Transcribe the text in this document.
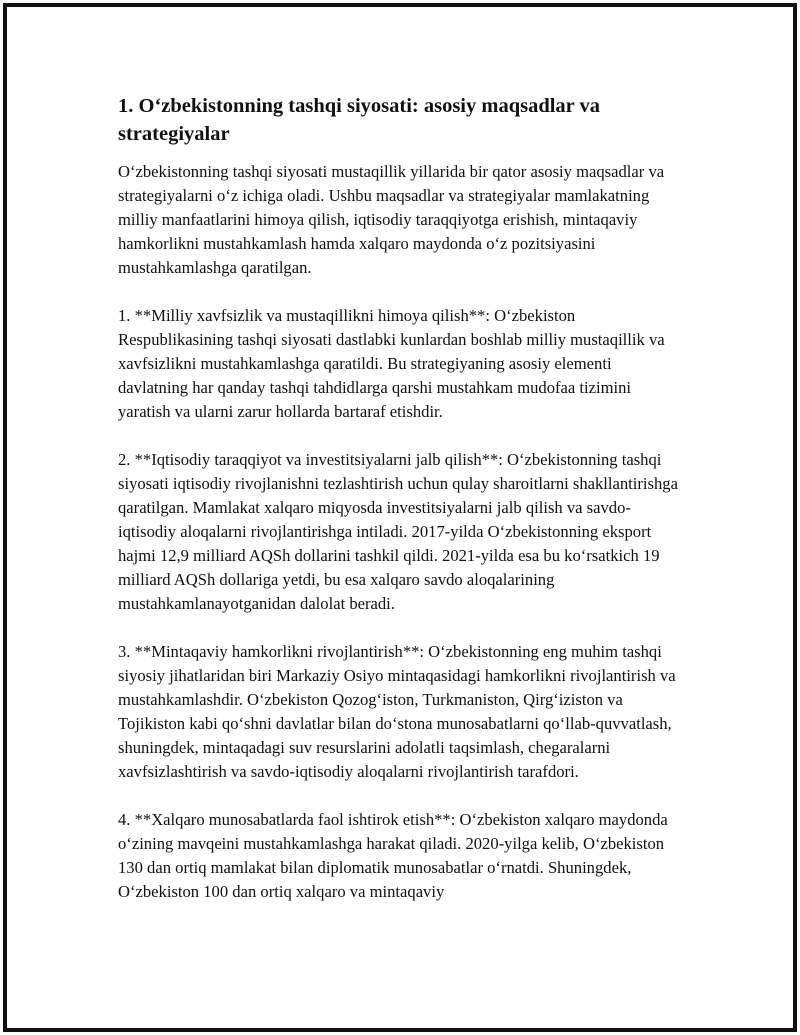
1. O‘zbekistonning tashqi siyosati: asosiy maqsadlar va strategiyalar

O‘zbekistonning tashqi siyosati mustaqillik yillarida bir qator asosiy maqsadlar va strategiyalarni o‘z ichiga oladi. Ushbu maqsadlar va strategiyalar mamlakatning milliy manfaatlarini himoya qilish, iqtisodiy taraqqiyotga erishish, mintaqaviy hamkorlikni mustahkamlash hamda xalqaro maydonda o‘z pozitsiyasini mustahkamlashga qaratilgan.

1. **Milliy xavfsizlik va mustaqillikni himoya qilish**: O‘zbekiston Respublikasining tashqi siyosati dastlabki kunlardan boshlab milliy mustaqillik va xavfsizlikni mustahkamlashga qaratildi. Bu strategiyaning asosiy elementi davlatning har qanday tashqi tahdidlarga qarshi mustahkam mudofaa tizimini yaratish va ularni zarur hollarda bartaraf etishdir.

2. **Iqtisodiy taraqqiyot va investitsiyalarni jalb qilish**: O‘zbekistonning tashqi siyosati iqtisodiy rivojlanishni tezlashtirish uchun qulay sharoitlarni shakllantirishga qaratilgan. Mamlakat xalqaro miqyosda investitsiyalarni jalb qilish va savdo-iqtisodiy aloqalarni rivojlantirishga intiladi. 2017-yilda O‘zbekistonning eksport hajmi 12,9 milliard AQSh dollarini tashkil qildi. 2021-yilda esa bu ko‘rsatkich 19 milliard AQSh dollariga yetdi, bu esa xalqaro savdo aloqalarining mustahkamlanayotganidan dalolat beradi.

3. **Mintaqaviy hamkorlikni rivojlantirish**: O‘zbekistonning eng muhim tashqi siyosiy jihatlaridan biri Markaziy Osiyo mintaqasidagi hamkorlikni rivojlantirish va mustahkamlashdir. O‘zbekiston Qozog‘iston, Turkmaniston, Qirg‘iziston va Tojikiston kabi qo‘shni davlatlar bilan do‘stona munosabatlarni qo‘llab-quvvatlash, shuningdek, mintaqadagi suv resurslarini adolatli taqsimlash, chegaralarni xavfsizlashtirish va savdo-iqtisodiy aloqalarni rivojlantirish tarafdori.

4. **Xalqaro munosabatlarda faol ishtirok etish**: O‘zbekiston xalqaro maydonda o‘zining mavqeini mustahkamlashga harakat qiladi. 2020-yilga kelib, O‘zbekiston 130 dan ortiq mamlakat bilan diplomatik munosabatlar o‘rnatdi. Shuningdek, O‘zbekiston 100 dan ortiq xalqaro va mintaqaviy
